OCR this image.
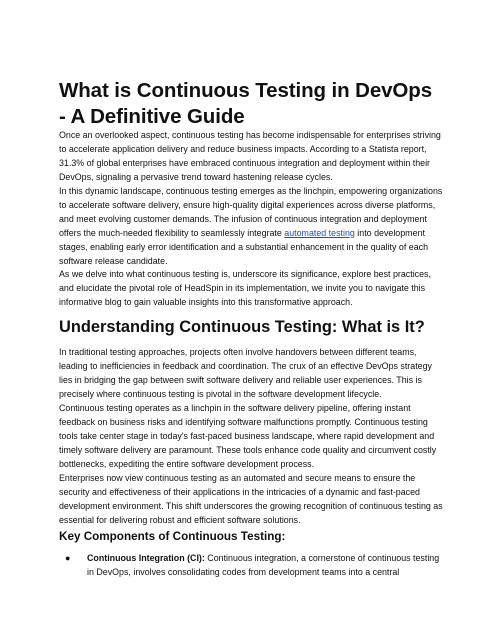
What is Continuous Testing in DevOps - A Definitive Guide

Once an overlooked aspect, continuous testing has become indispensable for enterprises striving to accelerate application delivery and reduce business impacts. According to a Statista report, 31.3% of global enterprises have embraced continuous integration and deployment within their DevOps, signaling a pervasive trend toward hastening release cycles.

In this dynamic landscape, continuous testing emerges as the linchpin, empowering organizations to accelerate software delivery, ensure high-quality digital experiences across diverse platforms, and meet evolving customer demands. The infusion of continuous integration and deployment offers the much-needed flexibility to seamlessly integrate automated testing into development stages, enabling early error identification and a substantial enhancement in the quality of each software release candidate.

As we delve into what continuous testing is, underscore its significance, explore best practices, and elucidate the pivotal role of HeadSpin in its implementation, we invite you to navigate this informative blog to gain valuable insights into this transformative approach.

Understanding Continuous Testing: What is It?

In traditional testing approaches, projects often involve handovers between different teams, leading to inefficiencies in feedback and coordination. The crux of an effective DevOps strategy lies in bridging the gap between swift software delivery and reliable user experiences. This is precisely where continuous testing is pivotal in the software development lifecycle.

Continuous testing operates as a linchpin in the software delivery pipeline, offering instant feedback on business risks and identifying software malfunctions promptly. Continuous testing tools take center stage in today's fast-paced business landscape, where rapid development and timely software delivery are paramount. These tools enhance code quality and circumvent costly bottlenecks, expediting the entire software development process.

Enterprises now view continuous testing as an automated and secure means to ensure the security and effectiveness of their applications in the intricacies of a dynamic and fast-paced development environment. This shift underscores the growing recognition of continuous testing as essential for delivering robust and efficient software solutions.

Key Components of Continuous Testing:
● Continuous Integration (CI): Continuous integration, a cornerstone of continuous testing in DevOps, involves consolidating codes from development teams into a central
